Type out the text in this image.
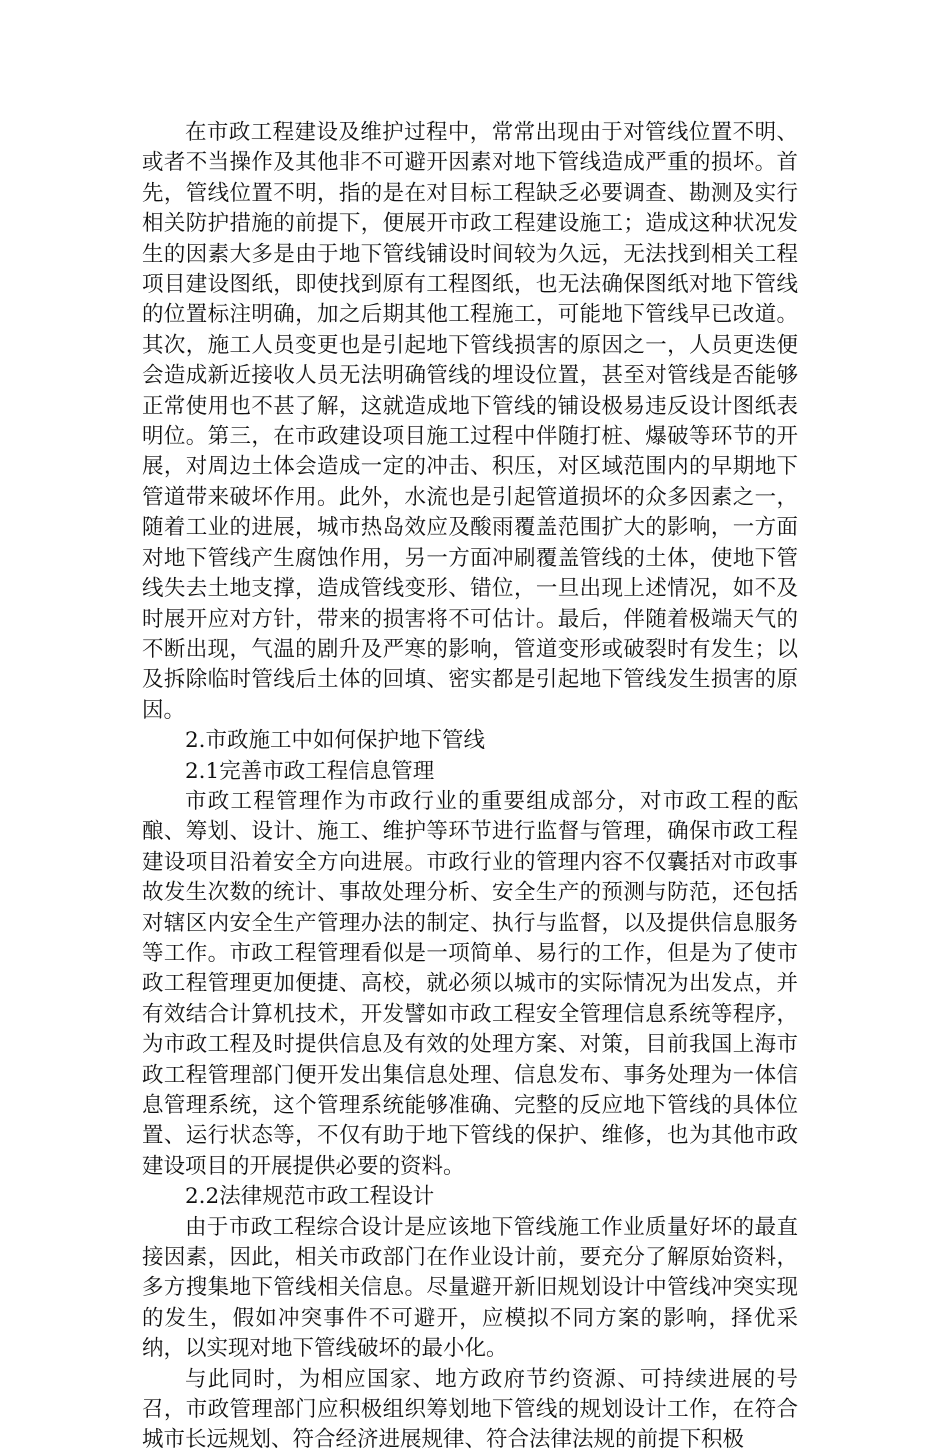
在市政工程建设及维护过程中，常常出现由于对管线位置不明、或者不当操作及其他非不可避开因素对地下管线造成严重的损坏。首先，管线位置不明，指的是在对目标工程缺乏必要调查、勘测及实行相关防护措施的前提下，便展开市政工程建设施工；造成这种状况发生的因素大多是由于地下管线铺设时间较为久远，无法找到相关工程项目建设图纸，即使找到原有工程图纸，也无法确保图纸对地下管线的位置标注明确，加之后期其他工程施工，可能地下管线早已改道。其次，施工人员变更也是引起地下管线损害的原因之一，人员更迭便会造成新近接收人员无法明确管线的埋设位置，甚至对管线是否能够正常使用也不甚了解，这就造成地下管线的铺设极易违反设计图纸表明位。第三，在市政建设项目施工过程中伴随打桩、爆破等环节的开展，对周边土体会造成一定的冲击、积压，对区域范围内的早期地下管道带来破坏作用。此外，水流也是引起管道损坏的众多因素之一，随着工业的进展，城市热岛效应及酸雨覆盖范围扩大的影响，一方面对地下管线产生腐蚀作用，另一方面冲刷覆盖管线的土体，使地下管线失去土地支撑，造成管线变形、错位，一旦出现上述情况，如不及时展开应对方针，带来的损害将不可估计。最后，伴随着极端天气的不断出现，气温的剧升及严寒的影响，管道变形或破裂时有发生；以及拆除临时管线后土体的回填、密实都是引起地下管线发生损害的原因。

2.市政施工中如何保护地下管线

2.1完善市政工程信息管理

市政工程管理作为市政行业的重要组成部分，对市政工程的酝酿、筹划、设计、施工、维护等环节进行监督与管理，确保市政工程建设项目沿着安全方向进展。市政行业的管理内容不仅囊括对市政事故发生次数的统计、事故处理分析、安全生产的预测与防范，还包括对辖区内安全生产管理办法的制定、执行与监督，以及提供信息服务等工作。市政工程管理看似是一项简单、易行的工作，但是为了使市政工程管理更加便捷、高校，就必须以城市的实际情况为出发点，并有效结合计算机技术，开发譬如市政工程安全管理信息系统等程序，为市政工程及时提供信息及有效的处理方案、对策，目前我国上海市政工程管理部门便开发出集信息处理、信息发布、事务处理为一体信息管理系统，这个管理系统能够准确、完整的反应地下管线的具体位置、运行状态等，不仅有助于地下管线的保护、维修，也为其他市政建设项目的开展提供必要的资料。

2.2法律规范市政工程设计

由于市政工程综合设计是应该地下管线施工作业质量好坏的最直接因素，因此，相关市政部门在作业设计前，要充分了解原始资料，多方搜集地下管线相关信息。尽量避开新旧规划设计中管线冲突实现的发生，假如冲突事件不可避开，应模拟不同方案的影响，择优采纳，以实现对地下管线破坏的最小化。

与此同时，为相应国家、地方政府节约资源、可持续进展的号召，市政管理部门应积极组织筹划地下管线的规划设计工作，在符合城市长远规划、符合经济进展规律、符合法律法规的前提下积极
